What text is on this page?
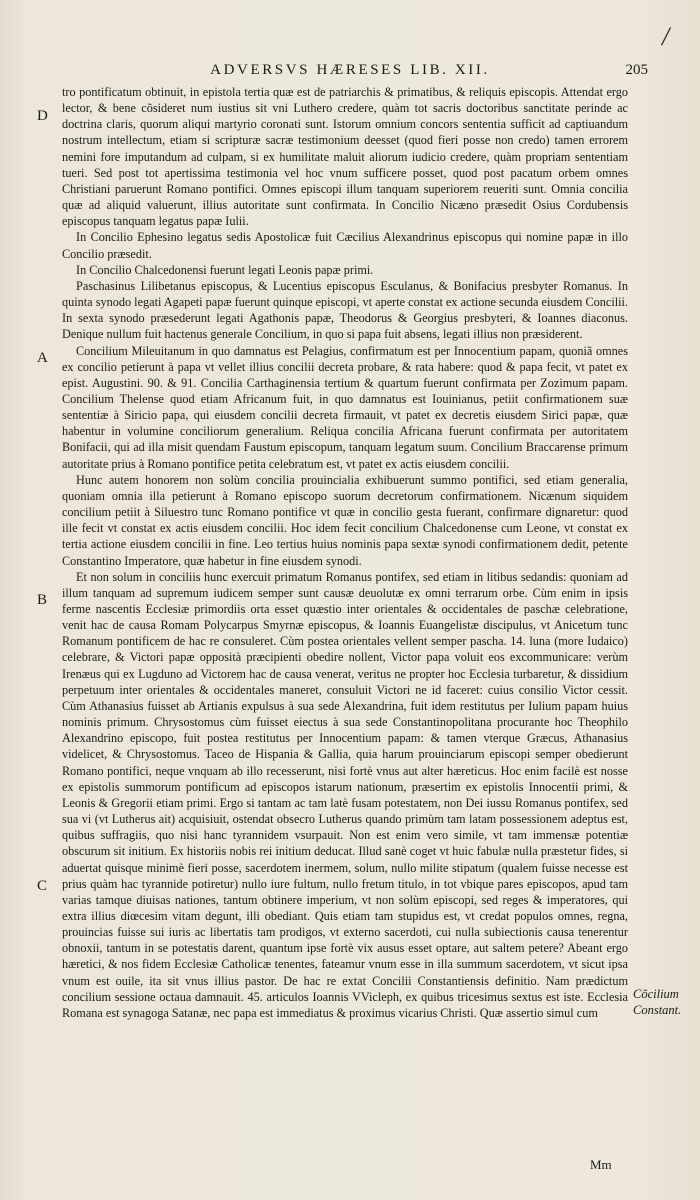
/
ADVERSVS HÆRESES LIB. XII.	205
D
A
B
C
Cõcilium
Constant.

tro pontificatum obtinuit, in epistola tertia quæ est de patriarchis & primatibus, & reliquis episcopis. Attendat ergo lector, & bene cõsideret num iustius sit vni Luthero credere, quàm tot sacris doctoribus sanctitate perinde ac doctrina claris, quorum aliqui martyrio coronati sunt. Istorum omnium concors sententia sufficit ad captiuandum nostrum intellectum, etiam si scripturæ sacræ testimonium deesset (quod fieri posse non credo) tamen errorem nemini fore imputandum ad culpam, si ex humilitate maluit aliorum iudicio credere, quàm propriam sententiam tueri. Sed post tot apertissima testimonia vel hoc vnum sufficere posset, quod post pacatum orbem omnes Christiani paruerunt Romano pontifici. Omnes episcopi illum tanquam superiorem reueriti sunt. Omnia concilia quæ ad aliquid valuerunt, illius autoritate sunt confirmata. In Concilio Nicæno præsedit Osius Cordubensis episcopus tanquam legatus papæ Iulii.

In Concilio Ephesino legatus sedis Apostolicæ fuit Cæcilius Alexandrinus episcopus qui nomine papæ in illo Concilio præsedit.

In Concilio Chalcedonensi fuerunt legati Leonis papæ primi.

Paschasinus Lilibetanus episcopus, & Lucentius episcopus Esculanus, & Bonifacius presbyter Romanus. In quinta synodo legati Agapeti papæ fuerunt quinque episcopi, vt aperte constat ex actione secunda eiusdem Concilii. In sexta synodo præsederunt legati Agathonis papæ, Theodorus & Georgius presbyteri, & Ioannes diaconus. Denique nullum fuit hactenus generale Concilium, in quo si papa fuit absens, legati illius non præsiderent.

Concilium Mileuitanum in quo damnatus est Pelagius, confirmatum est per Innocentium papam, quoniã omnes ex concilio petierunt à papa vt vellet illius concilii decreta probare, & rata habere: quod & papa fecit, vt patet ex epist. Augustini. 90. & 91. Concilia Carthaginensia tertium & quartum fuerunt confirmata per Zozimum papam. Concilium Thelense quod etiam Africanum fuit, in quo damnatus est Iouinianus, petiit confirmationem suæ sententiæ à Siricio papa, qui eiusdem concilii decreta firmauit, vt patet ex decretis eiusdem Sirici papæ, quæ habentur in volumine conciliorum generalium. Reliqua concilia Africana fuerunt confirmata per autoritatem Bonifacii, qui ad illa misit quendam Faustum episcopum, tanquam legatum suum. Concilium Braccarense primum autoritate prius à Romano pontifice petita celebratum est, vt patet ex actis eiusdem concilii.

Hunc autem honorem non solùm concilia prouincialia exhibuerunt summo pontifici, sed etiam generalia, quoniam omnia illa petierunt à Romano episcopo suorum decretorum confirmationem. Nicænum siquidem concilium petiit à Siluestro tunc Romano pontifice vt quæ in concilio gesta fuerant, confirmare dignaretur: quod ille fecit vt constat ex actis eiusdem concilii. Hoc idem fecit concilium Chalcedonense cum Leone, vt constat ex tertia actione eiusdem concilii in fine. Leo tertius huius nominis papa sextæ synodi confirmationem dedit, petente Constantino Imperatore, quæ habetur in fine eiusdem synodi.

Et non solum in conciliis hunc exercuit primatum Romanus pontifex, sed etiam in litibus sedandis: quoniam ad illum tanquam ad supremum iudicem semper sunt causæ deuolutæ ex omni terrarum orbe. Cùm enim in ipsis ferme nascentis Ecclesiæ primordiis orta esset quæstio inter orientales & occidentales de paschæ celebratione, venit hac de causa Romam Polycarpus Smyrnæ episcopus, & Ioannis Euangelistæ discipulus, vt Anicetum tunc Romanum pontificem de hac re consuleret. Cùm postea orientales vellent semper pascha. 14. luna (more Iudaico) celebrare, & Victori papæ opposità præcipienti obedire nollent, Victor papa voluit eos excommunicare: verùm Irenæus qui ex Lugduno ad Victorem hac de causa venerat, veritus ne propter hoc Ecclesia turbaretur, & dissidium perpetuum inter orientales & occidentales maneret, consuluit Victori ne id faceret: cuius consilio Victor cessit. Cùm Athanasius fuisset ab Artianis expulsus à sua sede Alexandrina, fuit idem restitutus per Iulium papam huius nominis primum. Chrysostomus cùm fuisset eiectus à sua sede Constantinopolitana procurante hoc Theophilo Alexandrino episcopo, fuit postea restitutus per Innocentium papam: & tamen vterque Græcus, Athanasius videlicet, & Chrysostomus. Taceo de Hispania & Gallia, quia harum prouinciarum episcopi semper obedierunt Romano pontifici, neque vnquam ab illo recesserunt, nisi fortè vnus aut alter hæreticus. Hoc enim facilè est nosse ex epistolis summorum pontificum ad episcopos istarum nationum, præsertim ex epistolis Innocentii primi, & Leonis & Gregorii etiam primi. Ergo si tantam ac tam latè fusam potestatem, non Dei iussu Romanus pontifex, sed sua vi (vt Lutherus ait) acquisiuit, ostendat obsecro Lutherus quando primùm tam latam possessionem adeptus est, quibus suffragiis, quo nisi hanc tyrannidem vsurpauit. Non est enim vero simile, vt tam immensæ potentiæ obscurum sit initium. Ex historiis nobis rei initium deducat. Illud sanè coget vt huic fabulæ nulla præstetur fides, si aduertat quisque minimè fieri posse, sacerdotem inermem, solum, nullo milite stipatum (qualem fuisse necesse est prius quàm hac tyrannide potiretur) nullo iure fultum, nullo fretum titulo, in tot vbique pares episcopos, apud tam varias tamque diuisas nationes, tantum obtinere imperium, vt non solùm episcopi, sed reges & imperatores, qui extra illius diœcesim vitam degunt, illi obediant. Quis etiam tam stupidus est, vt credat populos omnes, regna, prouincias fuisse sui iuris ac libertatis tam prodigos, vt externo sacerdoti, cui nulla subiectionis causa tenerentur obnoxii, tantum in se potestatis darent, quantum ipse fortè vix ausus esset optare, aut saltem petere? Abeant ergo hæretici, & nos fidem Ecclesiæ Catholicæ tenentes, fateamur vnum esse in illa summum sacerdotem, vt sicut ipsa vnum est ouile, ita sit vnus illius pastor. De hac re extat Concilii Constantiensis definitio. Nam prædictum concilium sessione octaua damnauit. 45. articulos Ioannis VVicleph, ex quibus tricesimus sextus est iste. Ecclesia Romana est synagoga Satanæ, nec papa est immediatus & proximus vicarius Christi. Quæ assertio simul cum

Mm
